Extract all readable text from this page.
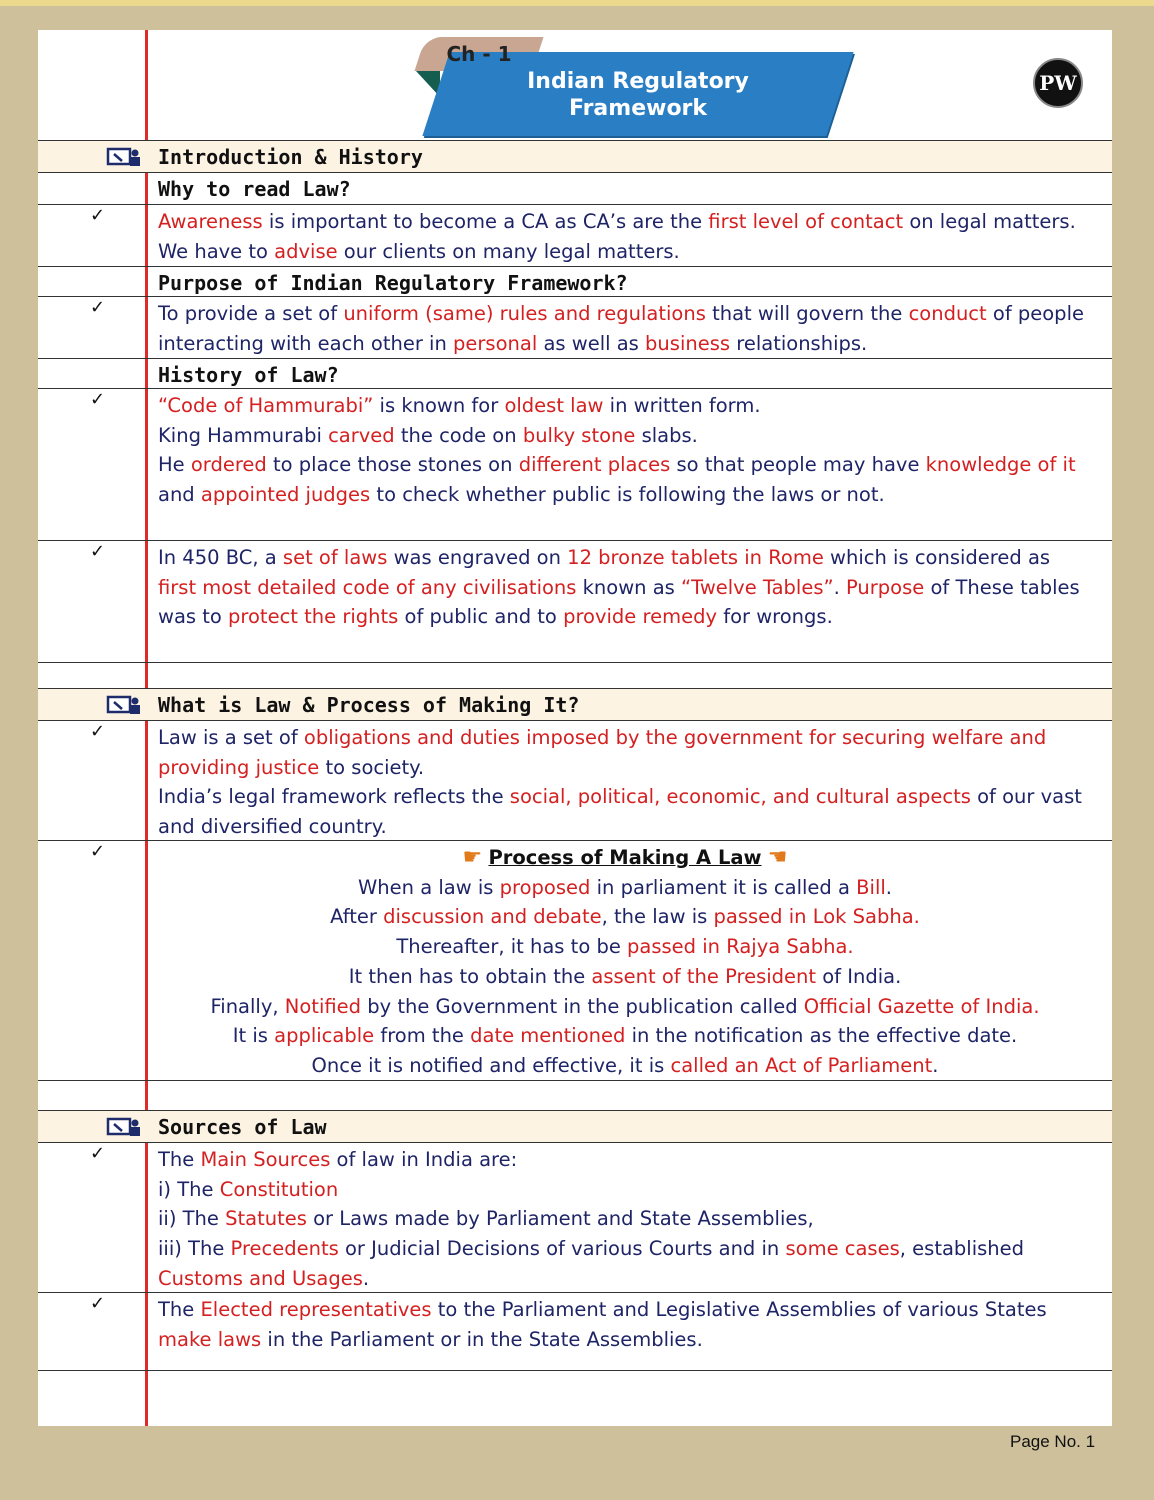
Ch - 1
Indian Regulatory
Framework
PW
Introduction & History
Why to read Law?
✓	Awareness is important to become a CA as CA’s are the first level of contact on legal matters. We have to advise our clients on many legal matters.
Purpose of Indian Regulatory Framework?
✓	To provide a set of uniform (same) rules and regulations that will govern the conduct of people interacting with each other in personal as well as business relationships.
History of Law?
✓	“Code of Hammurabi” is known for oldest law in written form.
King Hammurabi carved the code on bulky stone slabs.
He ordered to place those stones on different places so that people may have knowledge of it and appointed judges to check whether public is following the laws or not.
✓	In 450 BC, a set of laws was engraved on 12 bronze tablets in Rome which is considered as first most detailed code of any civilisations known as “Twelve Tables”. Purpose of These tables was to protect the rights of public and to provide remedy for wrongs.
What is Law & Process of Making It?
✓	Law is a set of obligations and duties imposed by the government for securing welfare and providing justice to society.
India’s legal framework reflects the social, political, economic, and cultural aspects of our vast and diversified country.
✓	☛ Process of Making A Law ☚
When a law is proposed in parliament it is called a Bill.
After discussion and debate, the law is passed in Lok Sabha.
Thereafter, it has to be passed in Rajya Sabha.
It then has to obtain the assent of the President of India.
Finally, Notified by the Government in the publication called Official Gazette of India.
It is applicable from the date mentioned in the notification as the effective date.
Once it is notified and effective, it is called an Act of Parliament.
Sources of Law
✓	The Main Sources of law in India are:
i) The Constitution
ii) The Statutes or Laws made by Parliament and State Assemblies,
iii) The Precedents or Judicial Decisions of various Courts and in some cases, established Customs and Usages.
✓	The Elected representatives to the Parliament and Legislative Assemblies of various States make laws in the Parliament or in the State Assemblies.
Page No. 1
